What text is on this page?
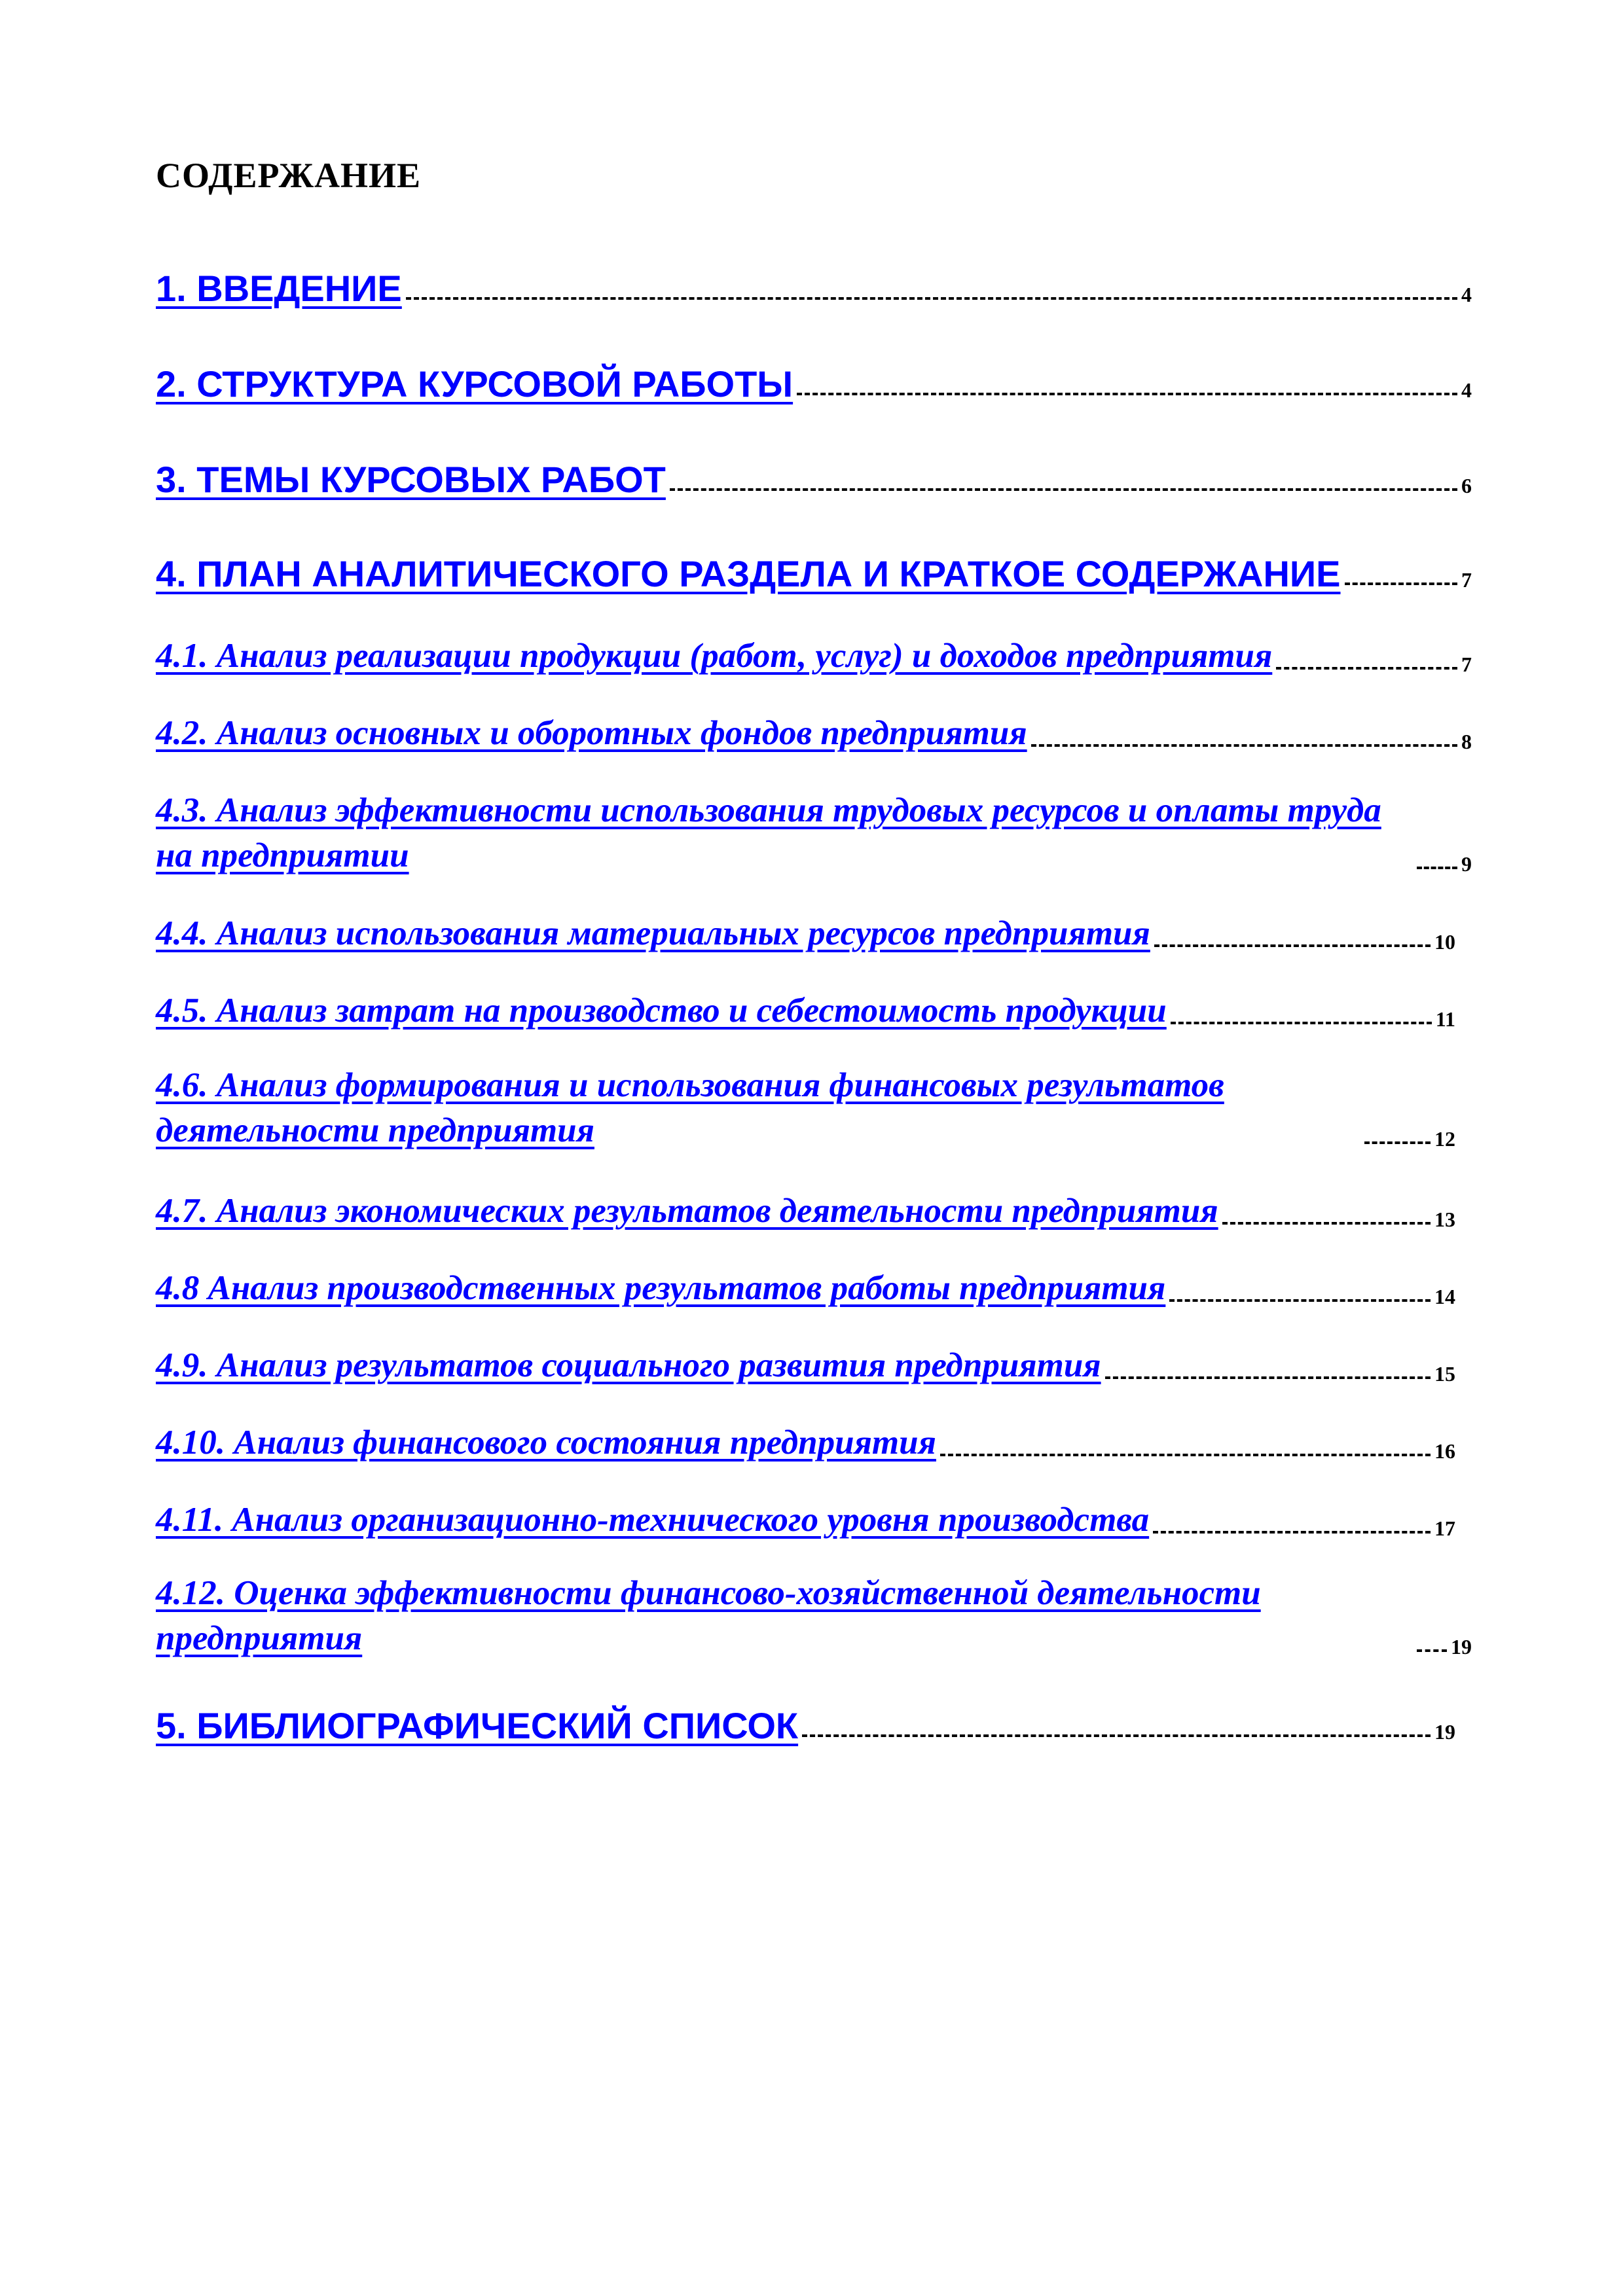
СОДЕРЖАНИЕ
1. ВВЕДЕНИЕ	4
2. СТРУКТУРА КУРСОВОЙ РАБОТЫ	4
3. ТЕМЫ КУРСОВЫХ РАБОТ	6
4. ПЛАН АНАЛИТИЧЕСКОГО РАЗДЕЛА И КРАТКОЕ СОДЕРЖАНИЕ	7
4.1. Анализ реализации продукции (работ, услуг) и доходов предприятия	7
4.2. Анализ основных и оборотных фондов предприятия	8
4.3. Анализ эффективности использования трудовых ресурсов и оплаты труда на предприятии	9
4.4. Анализ использования материальных ресурсов предприятия	10
4.5. Анализ затрат на производство и себестоимость продукции	11
4.6. Анализ формирования и использования финансовых результатов деятельности предприятия	12
4.7. Анализ экономических результатов деятельности предприятия	13
4.8 Анализ производственных результатов работы предприятия	14
4.9. Анализ результатов социального развития предприятия	15
4.10. Анализ финансового состояния предприятия	16
4.11. Анализ организационно-технического уровня производства	17
4.12. Оценка эффективности финансово-хозяйственной деятельности предприятия	19
5. БИБЛИОГРАФИЧЕСКИЙ СПИСОК	19
